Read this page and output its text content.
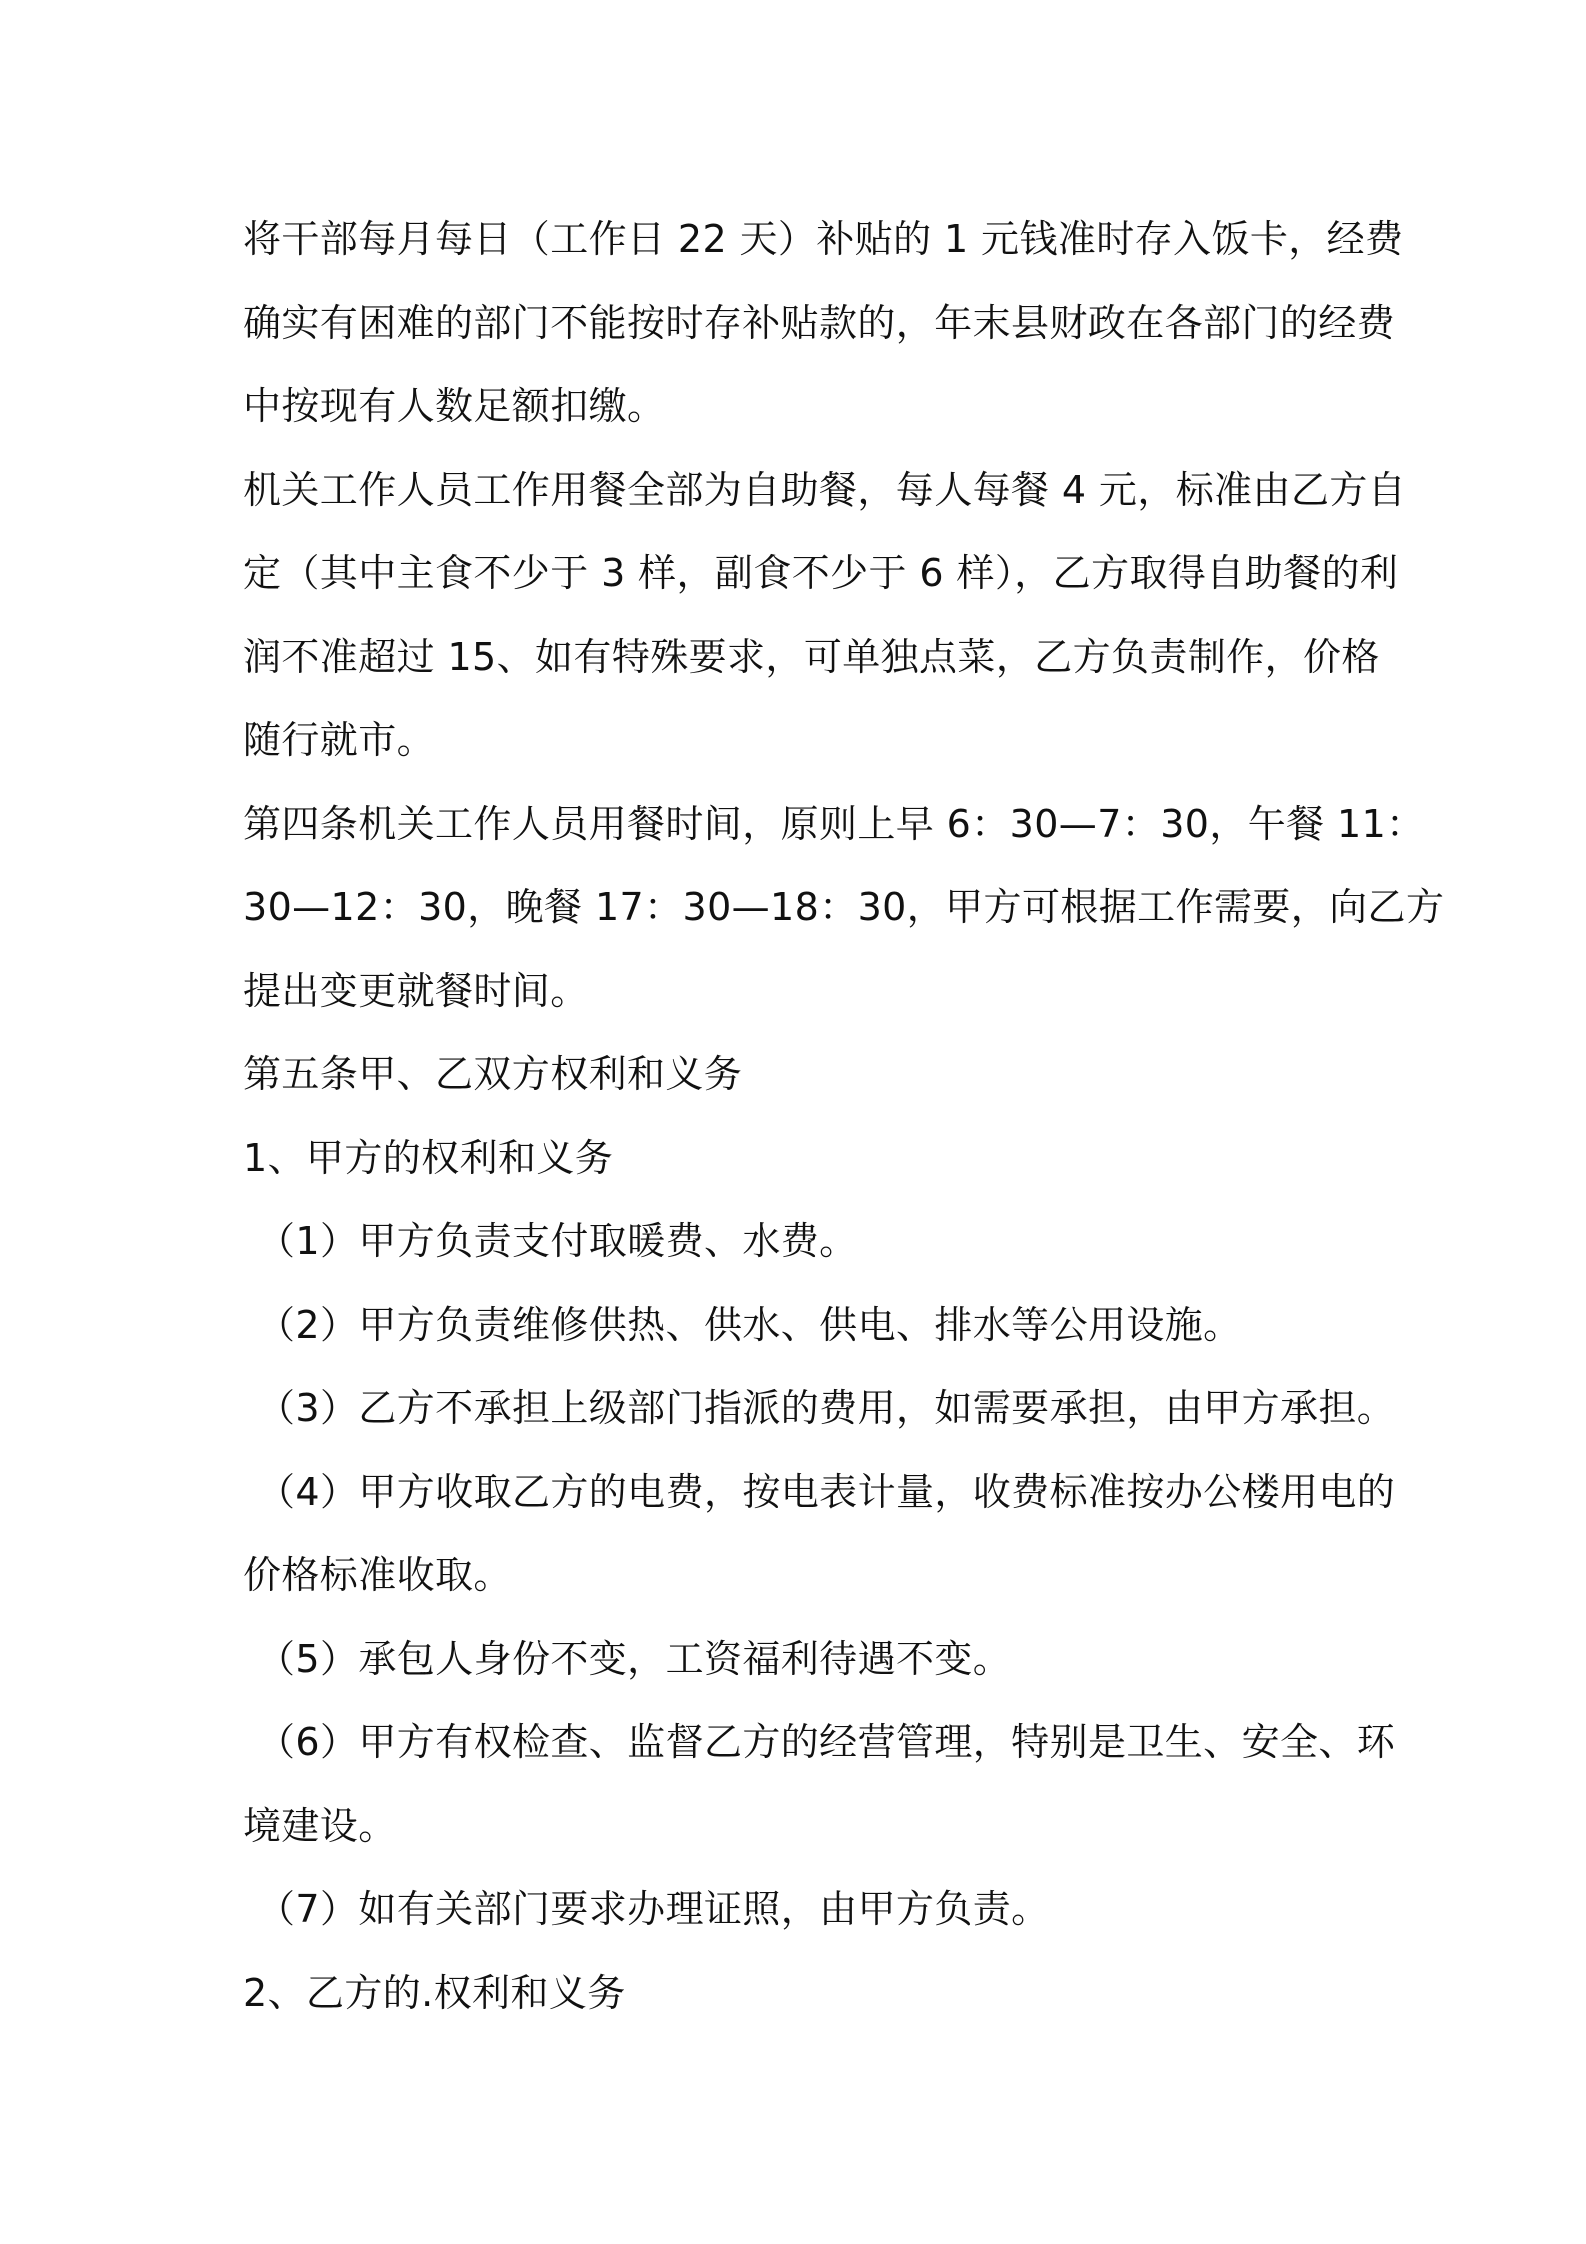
将干部每月每日（工作日 22 天）补贴的 1 元钱准时存入饭卡，经费
确实有困难的部门不能按时存补贴款的，年末县财政在各部门的经费
中按现有人数足额扣缴。

机关工作人员工作用餐全部为自助餐，每人每餐 4 元，标准由乙方自
定（其中主食不少于 3 样，副食不少于 6 样），乙方取得自助餐的利
润不准超过 15、如有特殊要求，可单独点菜，乙方负责制作，价格
随行就市。

第四条机关工作人员用餐时间，原则上早 6：30—7：30，午餐 11：
30—12：30，晚餐 17：30—18：30，甲方可根据工作需要，向乙方
提出变更就餐时间。

第五条甲、乙双方权利和义务

1、甲方的权利和义务

（1）甲方负责支付取暖费、水费。

（2）甲方负责维修供热、供水、供电、排水等公用设施。

（3）乙方不承担上级部门指派的费用，如需要承担，由甲方承担。

（4）甲方收取乙方的电费，按电表计量，收费标准按办公楼用电的
价格标准收取。

（5）承包人身份不变，工资福利待遇不变。

（6）甲方有权检查、监督乙方的经营管理，特别是卫生、安全、环
境建设。

（7）如有关部门要求办理证照，由甲方负责。

2、乙方的.权利和义务
